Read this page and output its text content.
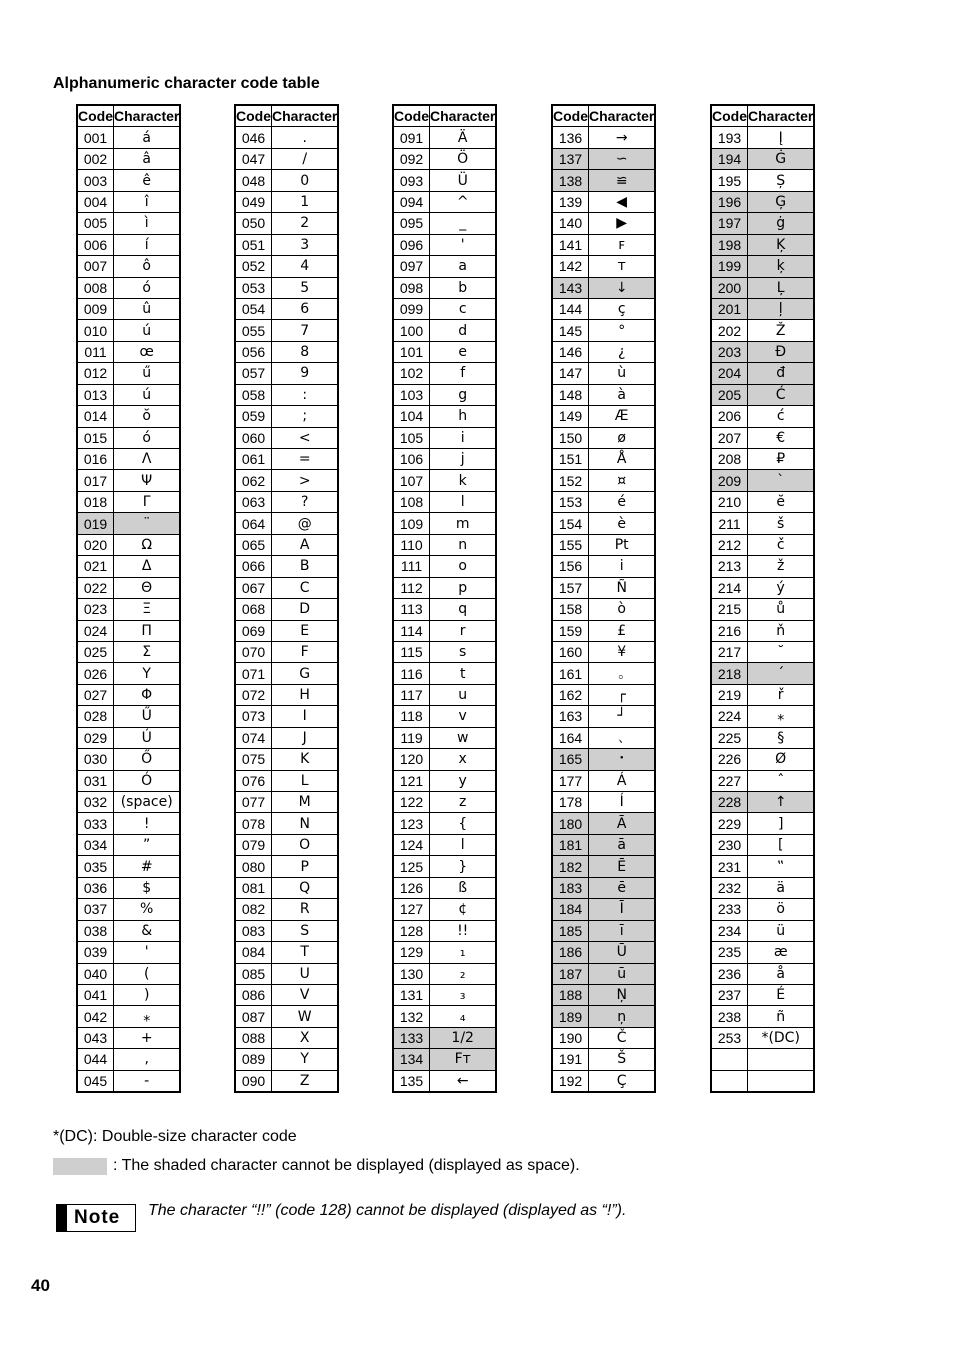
Alphanumeric character code table
Code	Character
001	á
002	â
003	ê
004	î
005	ì
006	í
007	ô
008	ó
009	û
010	ú
011	œ
012	ű
013	ú
014	ŏ
015	ó
016	Λ
017	Ψ
018	Γ
019	¨
020	Ω
021	Δ
022	Θ
023	Ξ
024	Π
025	Σ
026	Υ
027	Φ
028	Ű
029	Ú
030	Ő
031	Ó
032	(space)
033	!
034	”
035	#
036	$
037	%
038	&
039	'
040	(
041	)
042	⁎
043	+
044	,
045	-
Code	Character
046	.
047	/
048	0
049	1
050	2
051	3
052	4
053	5
054	6
055	7
056	8
057	9
058	:
059	;
060	<
061	=
062	>
063	?
064	@
065	A
066	B
067	C
068	D
069	E
070	F
071	G
072	H
073	I
074	J
075	K
076	L
077	M
078	N
079	O
080	P
081	Q
082	R
083	S
084	T
085	U
086	V
087	W
088	X
089	Y
090	Z
Code	Character
091	Ä
092	Ö
093	Ü
094	^
095	_
096	'
097	a
098	b
099	c
100	d
101	e
102	f
103	g
104	h
105	i
106	j
107	k
108	l
109	m
110	n
111	o
112	p
113	q
114	r
115	s
116	t
117	u
118	v
119	w
120	x
121	y
122	z
123	{
124	l
125	}
126	ß
127	¢
128	!!
129	₁
130	₂
131	₃
132	₄
133	1/2
134	Fт
135	←
Code	Character
136	→
137	∽
138	≌
139	◀
140	▶
141	ꜰ
142	ᴛ
143	↓
144	ç
145	°
146	¿
147	ù
148	à
149	Æ
150	ø
151	Å
152	¤
153	é
154	è
155	Pt
156	i
157	Ñ
158	ò
159	£
160	¥
161	｡
162	┌
163	┘
164	､
165	･
177	Á
178	Í
180	Ā
181	ā
182	Ē
183	ē
184	Ī
185	ī
186	Ū
187	ū
188	Ņ
189	ņ
190	Č
191	Š
192	Ç
Code	Character
193	Į
194	Ġ
195	Ș
196	Ģ
197	ġ
198	Ķ
199	ķ
200	Ļ
201	ļ
202	Ž
203	Đ
204	đ
205	Ć
206	ć
207	€
208	₽
209	ˋ
210	ĕ
211	š
212	č
213	ž
214	ý
215	ů
216	ň
217	˘
218	ˊ
219	ř
224	⁎
225	§
226	Ø
227	ˆ
228	↑
229	]
230	[
231	‟
232	ä
233	ö
234	ü
235	æ
236	å
237	É
238	ñ
253	*(DC)

*(DC): Double-size character code
: The shaded character cannot be displayed (displayed as space).
Note	The character “!!” (code 128) cannot be displayed (displayed as “!”).
40
